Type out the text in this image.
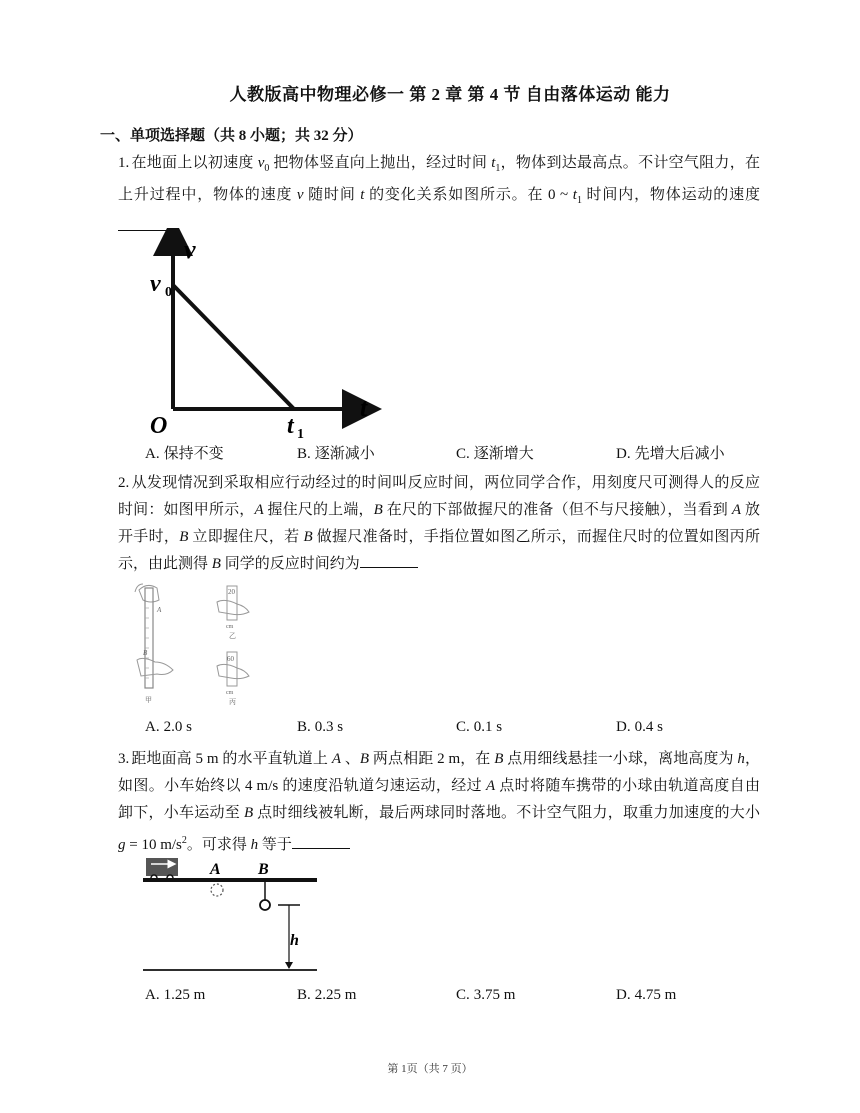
人教版高中物理必修一 第 2 章 第 4 节 自由落体运动 能力
一、单项选择题（共 8 小题；共 32 分）
1. 在地面上以初速度 $v_0$ 把物体竖直向上抛出，经过时间 $t_1$，物体到达最高点。不计空气阻力，在上升过程中，物体的速度 v 随时间 t 的变化关系如图所示。在 0 ~ $t_1$ 时间内，物体运动的速度
v
v 0
O	t 1
t
A. 保持不变	B. 逐渐减小	C. 逐渐增大	D. 先增大后减小
2. 从发现情况到采取相应行动经过的时间叫反应时间，两位同学合作，用刻度尺可测得人的反应时间：如图甲所示，A 握住尺的上端，B 在尺的下部做握尺的准备（但不与尺接触），当看到 A 放开手时，B 立即握住尺，若 B 做握尺准备时，手指位置如图乙所示，而握住尺时的位置如图丙所示，由此测得 B 同学的反应时间约为
A
B
甲
20
cm
乙
60
cm
丙
A. 2.0 s	B. 0.3 s	C. 0.1 s	D. 0.4 s
3. 距地面高 5 m 的水平直轨道上 A 、B 两点相距 2 m，在 B 点用细线悬挂一小球，离地高度为 h，如图。小车始终以 4 m/s 的速度沿轨道匀速运动，经过 A 点时将随车携带的小球由轨道高度自由卸下，小车运动至 B 点时细线被轧断，最后两球同时落地。不计空气阻力，取重力加速度的大小 g = 10 $m/s^2$。可求得 h 等于
A B
h
A. 1.25 m	B. 2.25 m	C. 3.75 m	D. 4.75 m
第 1页（共 7 页）
